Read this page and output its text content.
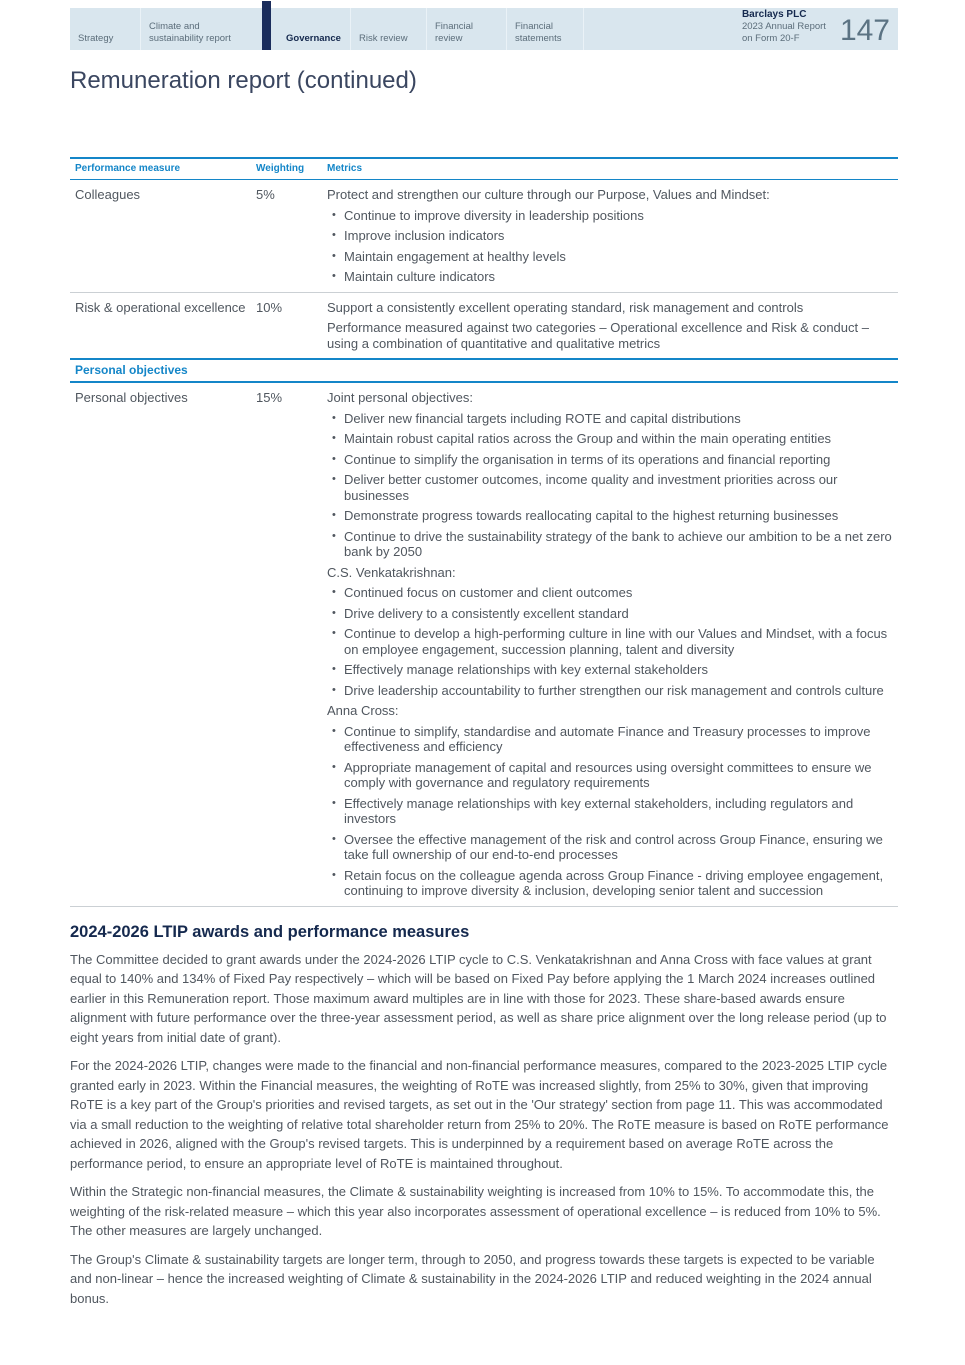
Strategy
Climate and sustainability report	Governance Risk review
Financial review
Financial statements
Barclays PLC
2023 Annual Report
on Form 20-F	147
Remuneration report (continued)
Performance measure	Weighting	Metrics
Colleagues	5%	Protect and strengthen our culture through our Purpose, Values and Mindset:
• Continue to improve diversity in leadership positions
• Improve inclusion indicators
• Maintain engagement at healthy levels
• Maintain culture indicators
Risk & operational excellence 10%	Support a consistently excellent operating standard, risk management and controls
Performance measured against two categories – Operational excellence and Risk & conduct – using a combination of quantitative and qualitative metrics
Personal objectives
Personal objectives	15%	Joint personal objectives:
• Deliver new financial targets including ROTE and capital distributions
• Maintain robust capital ratios across the Group and within the main operating entities
• Continue to simplify the organisation in terms of its operations and financial reporting
• Deliver better customer outcomes, income quality and investment priorities across our businesses
• Demonstrate progress towards reallocating capital to the highest returning businesses
• Continue to drive the sustainability strategy of the bank to achieve our ambition to be a net zero bank by 2050
C.S. Venkatakrishnan:
• Continued focus on customer and client outcomes
• Drive delivery to a consistently excellent standard
• Continue to develop a high-performing culture in line with our Values and Mindset, with a focus on employee engagement, succession planning, talent and diversity
• Effectively manage relationships with key external stakeholders
• Drive leadership accountability to further strengthen our risk management and controls culture
Anna Cross:
• Continue to simplify, standardise and automate Finance and Treasury processes to improve effectiveness and efficiency
• Appropriate management of capital and resources using oversight committees to ensure we comply with governance and regulatory requirements
• Effectively manage relationships with key external stakeholders, including regulators and investors
• Oversee the effective management of the risk and control across Group Finance, ensuring we take full ownership of our end-to-end processes
• Retain focus on the colleague agenda across Group Finance - driving employee engagement, continuing to improve diversity & inclusion, developing senior talent and succession
2024-2026 LTIP awards and performance measures

The Committee decided to grant awards under the 2024-2026 LTIP cycle to C.S. Venkatakrishnan and Anna Cross with face values at grant equal to 140% and 134% of Fixed Pay respectively – which will be based on Fixed Pay before applying the 1 March 2024 increases outlined earlier in this Remuneration report. Those maximum award multiples are in line with those for 2023. These share-based awards ensure alignment with future performance over the three-year assessment period, as well as share price alignment over the long release period (up to eight years from initial date of grant).

For the 2024-2026 LTIP, changes were made to the financial and non-financial performance measures, compared to the 2023-2025 LTIP cycle granted early in 2023. Within the Financial measures, the weighting of RoTE was increased slightly, from 25% to 30%, given that improving RoTE is a key part of the Group's priorities and revised targets, as set out in the 'Our strategy' section from page 11. This was accommodated via a small reduction to the weighting of relative total shareholder return from 25% to 20%. The RoTE measure is based on RoTE performance achieved in 2026, aligned with the Group's revised targets. This is underpinned by a requirement based on average RoTE across the performance period, to ensure an appropriate level of RoTE is maintained throughout.

Within the Strategic non-financial measures, the Climate & sustainability weighting is increased from 10% to 15%. To accommodate this, the weighting of the risk-related measure – which this year also incorporates assessment of operational excellence – is reduced from 10% to 5%. The other measures are largely unchanged.

The Group's Climate & sustainability targets are longer term, through to 2050, and progress towards these targets is expected to be variable and non-linear – hence the increased weighting of Climate & sustainability in the 2024-2026 LTIP and reduced weighting in the 2024 annual bonus.
